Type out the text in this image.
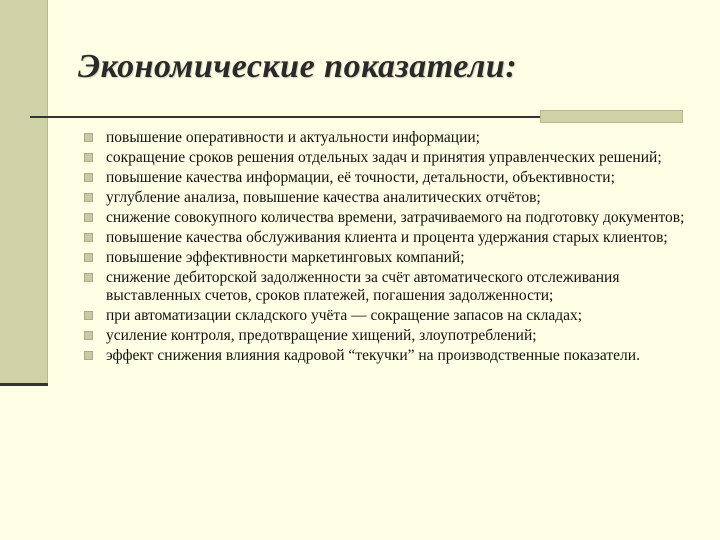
Экономические показатели:
повышение оперативности и актуальности информации;
сокращение сроков решения отдельных задач и принятия управленческих решений;
повышение качества информации, её точности, детальности, объективности;
углубление анализа, повышение качества аналитических отчётов;
снижение совокупного количества времени, затрачиваемого на подготовку документов;
повышение качества обслуживания клиента и процента удержания старых клиентов;
повышение эффективности маркетинговых компаний;
снижение дебиторской задолженности за счёт автоматического отслеживания выставленных счетов, сроков платежей, погашения задолженности;
при автоматизации складского учёта — сокращение запасов на складах;
усиление контроля, предотвращение хищений, злоупотреблений;
эффект снижения влияния кадровой “текучки” на производственные показатели.
